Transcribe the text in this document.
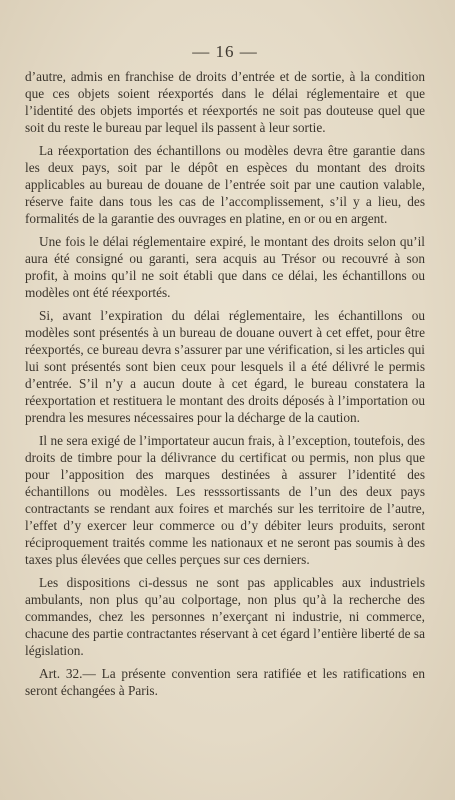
— 16 —

d’autre, admis en franchise de droits d’entrée et de sortie, à la condition que ces objets soient réexportés dans le délai réglementaire et que l’identité des objets importés et réexportés ne soit pas douteuse quel que soit du reste le bureau par lequel ils passent à leur sortie.

La réexportation des échantillons ou modèles devra être garantie dans les deux pays, soit par le dépôt en espèces du montant des droits applicables au bureau de douane de l’entrée soit par une caution valable, réserve faite dans tous les cas de l’accomplissement, s’il y a lieu, des formalités de la garantie des ouvrages en platine, en or ou en argent.

Une fois le délai réglementaire expiré, le montant des droits selon qu’il aura été consigné ou garanti, sera acquis au Trésor ou recouvré à son profit, à moins qu’il ne soit établi que dans ce délai, les échantillons ou modèles ont été réexportés.

Si, avant l’expiration du délai réglementaire, les échantillons ou modèles sont présentés à un bureau de douane ouvert à cet effet, pour être réexportés, ce bureau devra s’assurer par une vérification, si les articles qui lui sont présentés sont bien ceux pour lesquels il a été délivré le permis d’entrée. S’il n’y a aucun doute à cet égard, le bureau constatera la réexportation et restituera le montant des droits déposés à l’importation ou prendra les mesures nécessaires pour la décharge de la caution.

Il ne sera exigé de l’importateur aucun frais, à l’exception, toutefois, des droits de timbre pour la délivrance du certificat ou permis, non plus que pour l’apposition des marques destinées à assurer l’identité des échantillons ou modèles. Les resssortissants de l’un des deux pays contractants se rendant aux foires et marchés sur les territoire de l’autre, l’effet d’y exercer leur commerce ou d’y débiter leurs produits, seront réciproquement traités comme les nationaux et ne seront pas soumis à des taxes plus élevées que celles perçues sur ces derniers.

Les dispositions ci-dessus ne sont pas applicables aux industriels ambulants, non plus qu’au colportage, non plus qu’à la recherche des commandes, chez les personnes n’exerçant ni industrie, ni commerce, chacune des partie contractantes réservant à cet égard l’entière liberté de sa législation.

Art. 32.— La présente convention sera ratifiée et les ratifications en seront échangées à Paris.
